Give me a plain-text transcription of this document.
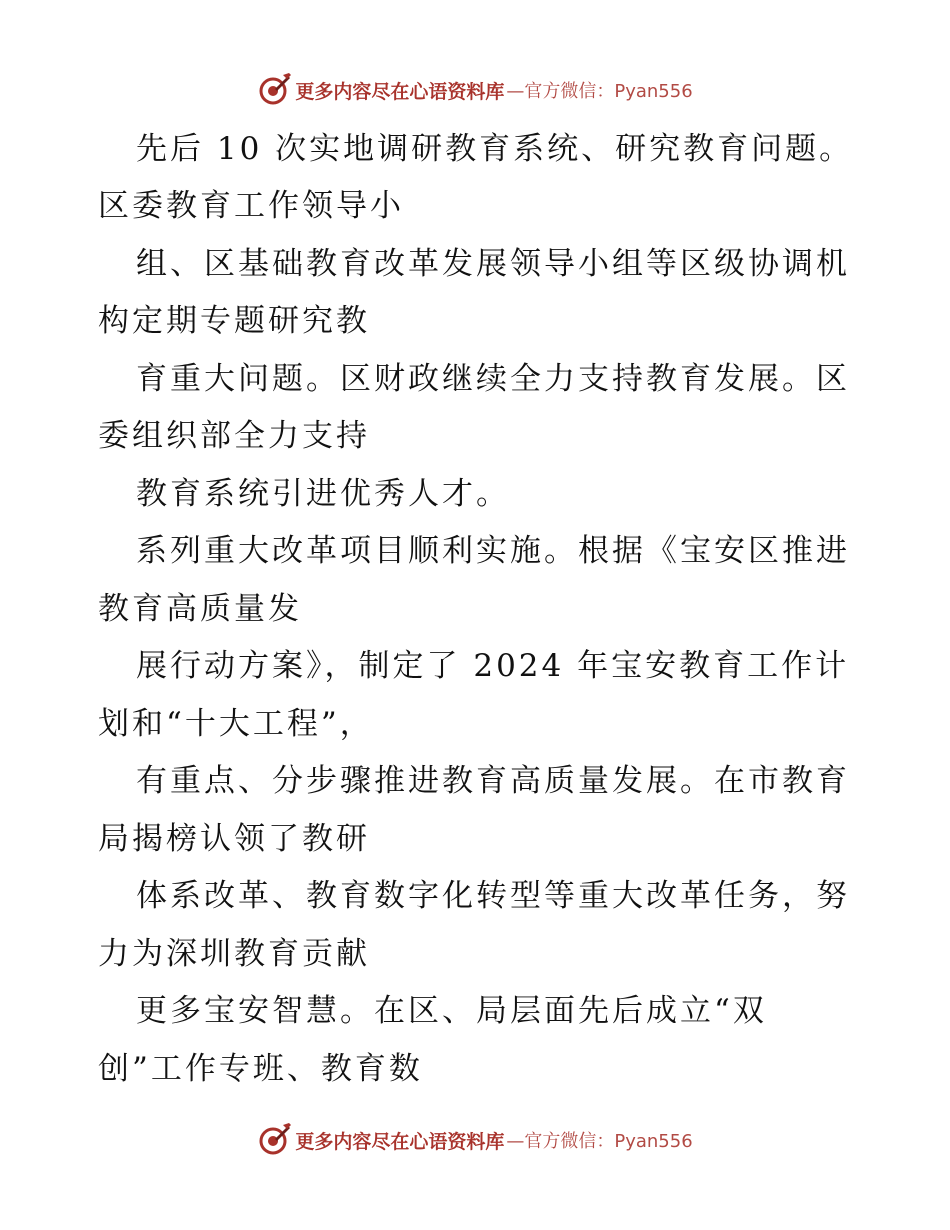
更多内容尽在心语资料库 —官方微信：Pyan556
先后 10 次实地调研教育系统、研究教育问题。
区委教育工作领导小
组、区基础教育改革发展领导小组等区级协调机
构定期专题研究教
育重大问题。区财政继续全力支持教育发展。区
委组织部全力支持
教育系统引进优秀人才。
系列重大改革项目顺利实施。根据《宝安区推进
教育高质量发
展行动方案》，制定了 2024 年宝安教育工作计
划和“十大工程”，
有重点、分步骤推进教育高质量发展。在市教育
局揭榜认领了教研
体系改革、教育数字化转型等重大改革任务，努
力为深圳教育贡献
更多宝安智慧。在区、局层面先后成立“双
创”工作专班、教育数
更多内容尽在心语资料库 —官方微信：Pyan556
